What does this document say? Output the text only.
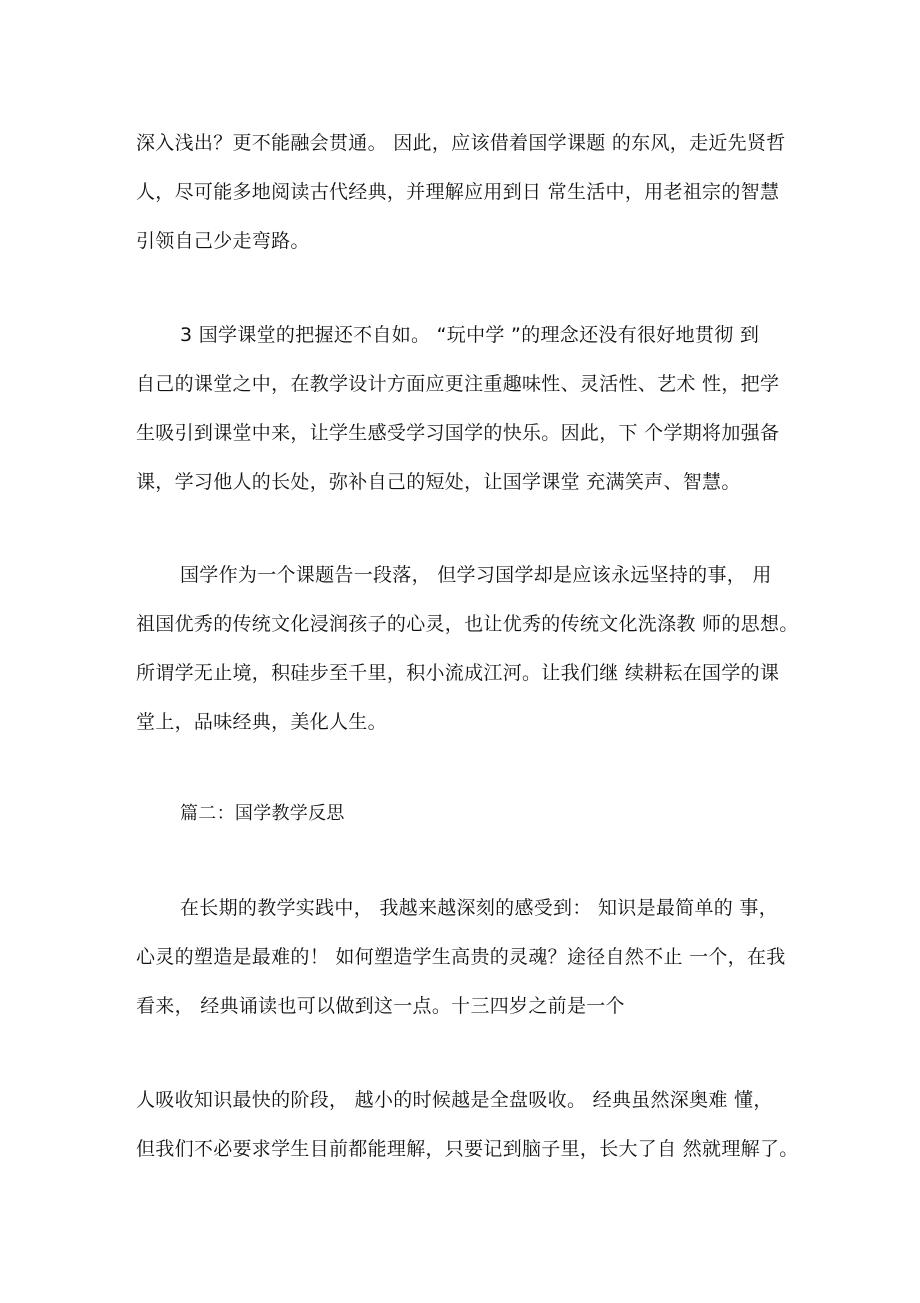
深入浅出？更不能融会贯通。 因此，应该借着国学课题 的东风，走近先贤哲
人，尽可能多地阅读古代经典，并理解应用到日 常生活中，用老祖宗的智慧
引领自己少走弯路。
3 国学课堂的把握还不自如。 “玩中学 ”的理念还没有很好地贯彻 到
自己的课堂之中，在教学设计方面应更注重趣味性、灵活性、艺术 性，把学
生吸引到课堂中来，让学生感受学习国学的快乐。因此，下 个学期将加强备
课，学习他人的长处，弥补自己的短处，让国学课堂 充满笑声、智慧。
国学作为一个课题告一段落， 但学习国学却是应该永远坚持的事， 用
祖国优秀的传统文化浸润孩子的心灵，也让优秀的传统文化洗涤教 师的思想。
所谓学无止境，积硅步至千里，积小流成江河。让我们继 续耕耘在国学的课
堂上，品味经典，美化人生。
篇二：国学教学反思
在长期的教学实践中， 我越来越深刻的感受到： 知识是最简单的 事，
心灵的塑造是最难的！ 如何塑造学生高贵的灵魂？途径自然不止 一个，在我
看来， 经典诵读也可以做到这一点。十三四岁之前是一个
人吸收知识最快的阶段， 越小的时候越是全盘吸收。 经典虽然深奥难 懂，
但我们不必要求学生目前都能理解，只要记到脑子里，长大了自 然就理解了。
